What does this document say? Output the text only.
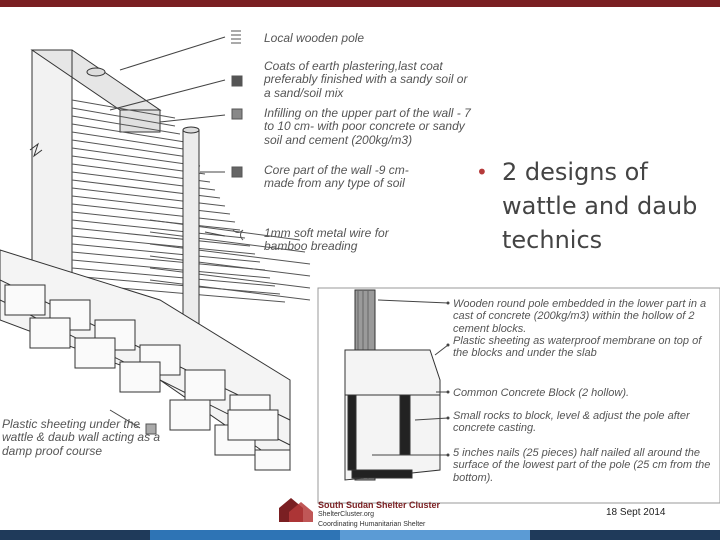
Local wooden pole
Coats of earth plastering,last coat preferably finished with a sandy soil or a sand/soil mix
Infilling on the upper part of the wall - 7 to 10 cm- with poor concrete or sandy soil and cement (200kg/m3)
Core part of the wall -9 cm- made from any type of soil
1mm soft metal wire for bamboo breading
Plastic sheeting under the wattle & daub wall acting as a damp proof course
Wooden round pole embedded in the lower part in a cast of concrete (200kg/m3) within the hollow of 2 cement blocks.
Plastic sheeting as waterproof membrane on top of the blocks and under the slab
Common Concrete Block (2 hollow).
Small rocks to block, level & adjust the pole after concrete casting.
5 inches nails (25 pieces) half nailed all around the surface of the lowest part of the pole (25 cm from the bottom).
• 2 designs of wattle and daub technics
South Sudan Shelter Cluster
ShelterCluster.org
Coordinating Humanitarian Shelter
18 Sept 2014
